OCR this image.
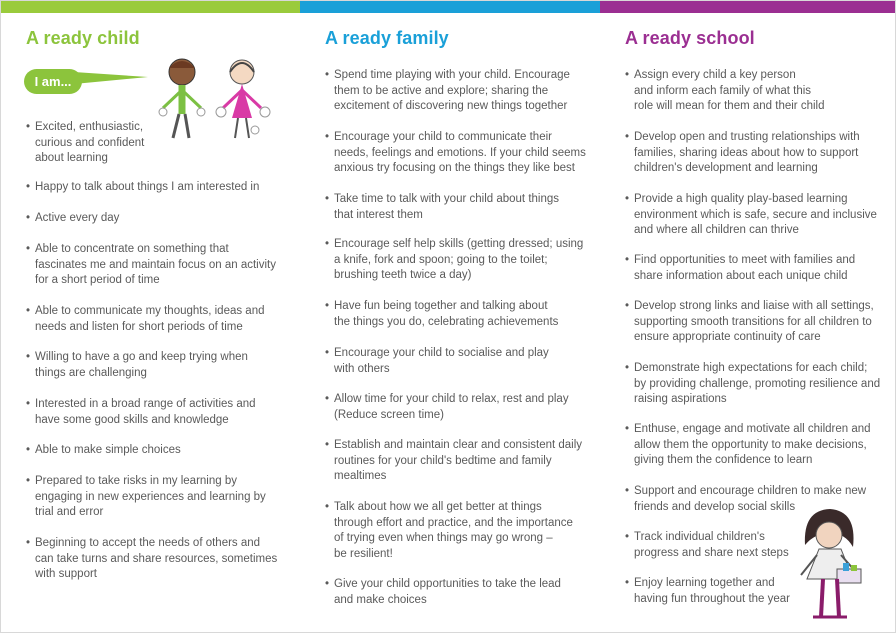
A ready child
I am...
• Excited, enthusiastic,
curious and confident
about learning
• Happy to talk about things I am interested in
• Active every day
• Able to concentrate on something that
fascinates me and maintain focus on an activity
for a short period of time
• Able to communicate my thoughts, ideas and
needs and listen for short periods of time
• Willing to have a go and keep trying when
things are challenging
• Interested in a broad range of activities and
have some good skills and knowledge
• Able to make simple choices
• Prepared to take risks in my learning by
engaging in new experiences and learning by
trial and error
• Beginning to accept the needs of others and
can take turns and share resources, sometimes
with support
A ready family
• Spend time playing with your child. Encourage
them to be active and explore; sharing the
excitement of discovering new things together
• Encourage your child to communicate their
needs, feelings and emotions. If your child seems
anxious try focusing on the things they like best
• Take time to talk with your child about things
that interest them
• Encourage self help skills (getting dressed; using
a knife, fork and spoon; going to the toilet;
brushing teeth twice a day)
• Have fun being together and talking about
the things you do, celebrating achievements
• Encourage your child to socialise and play
with others
• Allow time for your child to relax, rest and play
(Reduce screen time)
• Establish and maintain clear and consistent daily
routines for your child's bedtime and family
mealtimes
• Talk about how we all get better at things
through effort and practice, and the importance
of trying even when things may go wrong –
be resilient!
• Give your child opportunities to take the lead
and make choices
A ready school
• Assign every child a key person
and inform each family of what this
role will mean for them and their child
• Develop open and trusting relationships with
families, sharing ideas about how to support
children's development and learning
• Provide a high quality play-based learning
environment which is safe, secure and inclusive
and where all children can thrive
• Find opportunities to meet with families and
share information about each unique child
• Develop strong links and liaise with all settings,
supporting smooth transitions for all children to
ensure appropriate continuity of care
• Demonstrate high expectations for each child;
by providing challenge, promoting resilience and
raising aspirations
• Enthuse, engage and motivate all children and
allow them the opportunity to make decisions,
giving them the confidence to learn
• Support and encourage children to make new
friends and develop social skills
• Track individual children's
progress and share next steps
• Enjoy learning together and
having fun throughout the year
